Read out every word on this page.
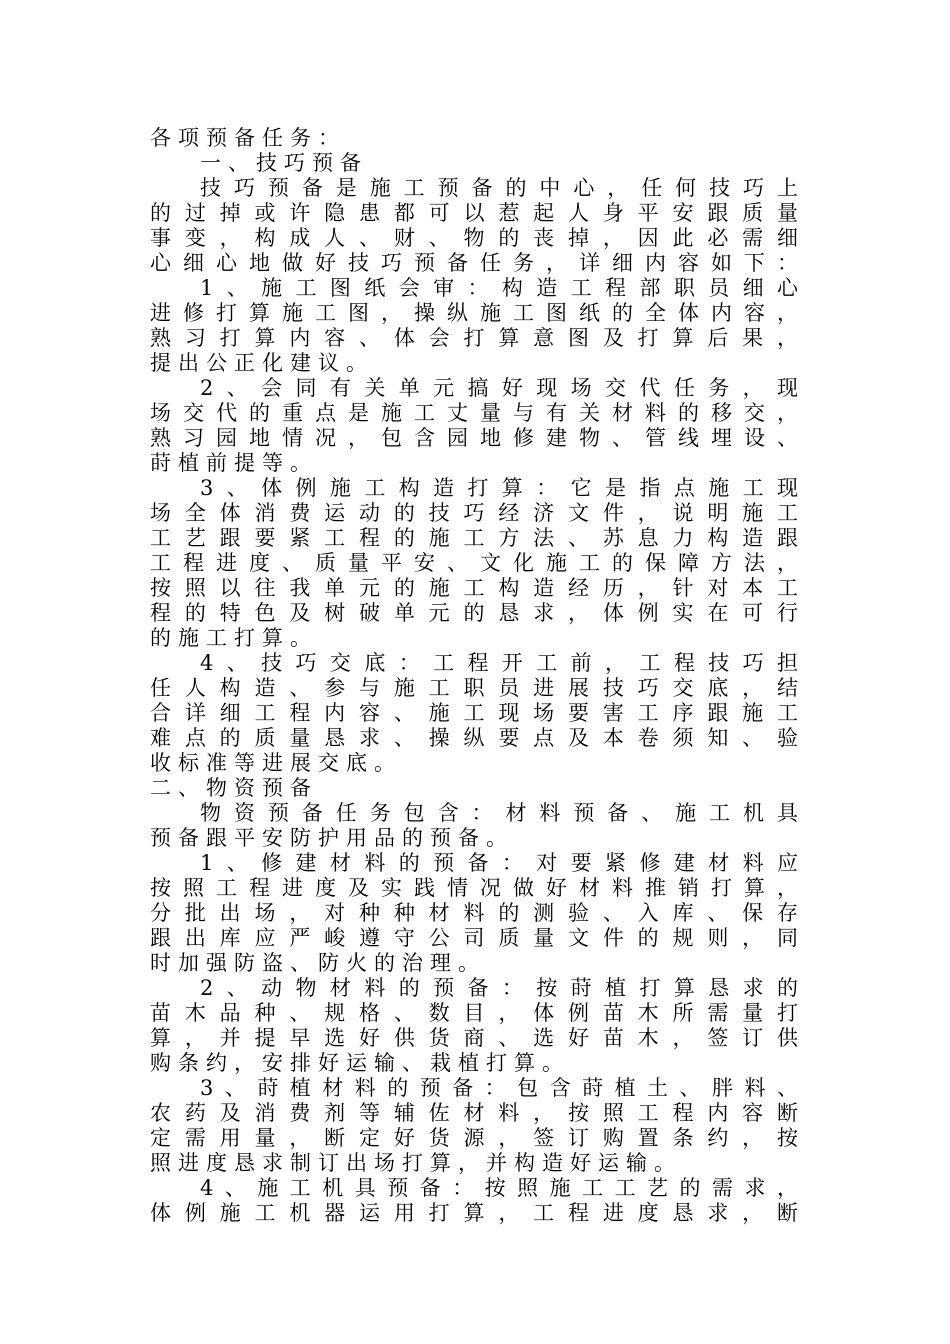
各项预备任务：
一、技巧预备
技巧预备是施工预备的中心，任何技巧上
的过掉或许隐患都可以惹起人身平安跟质量
事变，构成人、财、物的丧掉，因此必需细
心细心地做好技巧预备任务，详细内容如下：
1、施工图纸会审：构造工程部职员细心
进修打算施工图，操纵施工图纸的全体内容，
熟习打算内容、体会打算意图及打算后果，
提出公正化建议。
2、会同有关单元搞好现场交代任务，现
场交代的重点是施工丈量与有关材料的移交，
熟习园地情况，包含园地修建物、管线埋设、
莳植前提等。
3、体例施工构造打算：它是指点施工现
场全体消费运动的技巧经济文件，说明施工
工艺跟要紧工程的施工方法、苏息力构造跟
工程进度、质量平安、文化施工的保障方法，
按照以往我单元的施工构造经历，针对本工
程的特色及树破单元的恳求，体例实在可行
的施工打算。
4、技巧交底：工程开工前，工程技巧担
任人构造、参与施工职员进展技巧交底，结
合详细工程内容、施工现场要害工序跟施工
难点的质量恳求、操纵要点及本卷须知、验
收标准等进展交底。
二、物资预备
物资预备任务包含：材料预备、施工机具
预备跟平安防护用品的预备。
1、修建材料的预备：对要紧修建材料应
按照工程进度及实践情况做好材料推销打算，
分批出场，对种种材料的测验、入库、保存
跟出库应严峻遵守公司质量文件的规则，同
时加强防盗、防火的治理。
2、动物材料的预备：按莳植打算恳求的
苗木品种、规格、数目，体例苗木所需量打
算，并提早选好供货商、选好苗木，签订供
购条约，安排好运输、栽植打算。
3、莳植材料的预备：包含莳植土、胖料、
农药及消费剂等辅佐材料，按照工程内容断
定需用量，断定好货源，签订购置条约，按
照进度恳求制订出场打算，并构造好运输。
4、施工机具预备：按照施工工艺的需求，
体例施工机器运用打算，工程进度恳求，断
